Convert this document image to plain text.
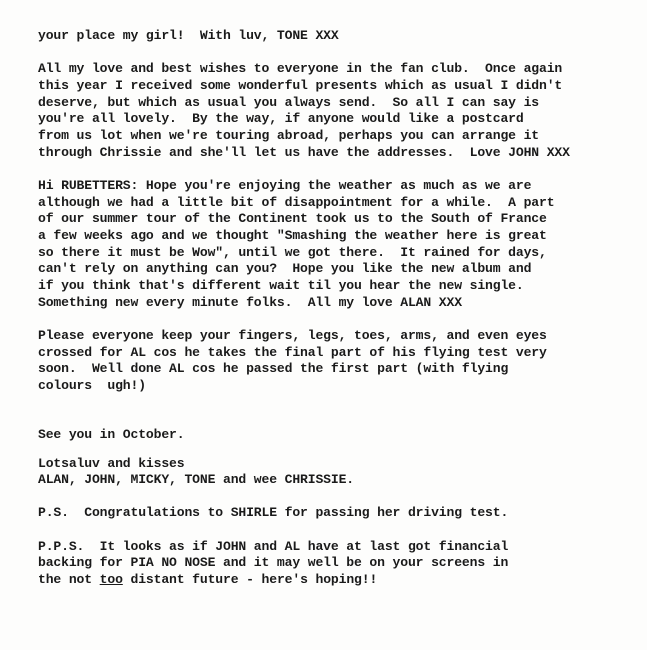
your place my girl!  With luv, TONE XXX
All my love and best wishes to everyone in the fan club.  Once again
this year I received some wonderful presents which as usual I didn't
deserve, but which as usual you always send.  So all I can say is
you're all lovely.  By the way, if anyone would like a postcard
from us lot when we're touring abroad, perhaps you can arrange it
through Chrissie and she'll let us have the addresses.  Love JOHN XXX
Hi RUBETTERS: Hope you're enjoying the weather as much as we are
although we had a little bit of disappointment for a while.  A part
of our summer tour of the Continent took us to the South of France
a few weeks ago and we thought "Smashing the weather here is great
so there it must be Wow", until we got there.  It rained for days,
can't rely on anything can you?  Hope you like the new album and
if you think that's different wait til you hear the new single.
Something new every minute folks.  All my love ALAN XXX
Please everyone keep your fingers, legs, toes, arms, and even eyes
crossed for AL cos he takes the final part of his flying test very
soon.  Well done AL cos he passed the first part (with flying
colours  ugh!)
See you in October.
Lotsaluv and kisses
ALAN, JOHN, MICKY, TONE and wee CHRISSIE.
P.S.  Congratulations to SHIRLE for passing her driving test.
P.P.S.  It looks as if JOHN and AL have at last got financial
backing for PIA NO NOSE and it may well be on your screens in
the not too distant future - here's hoping!!
